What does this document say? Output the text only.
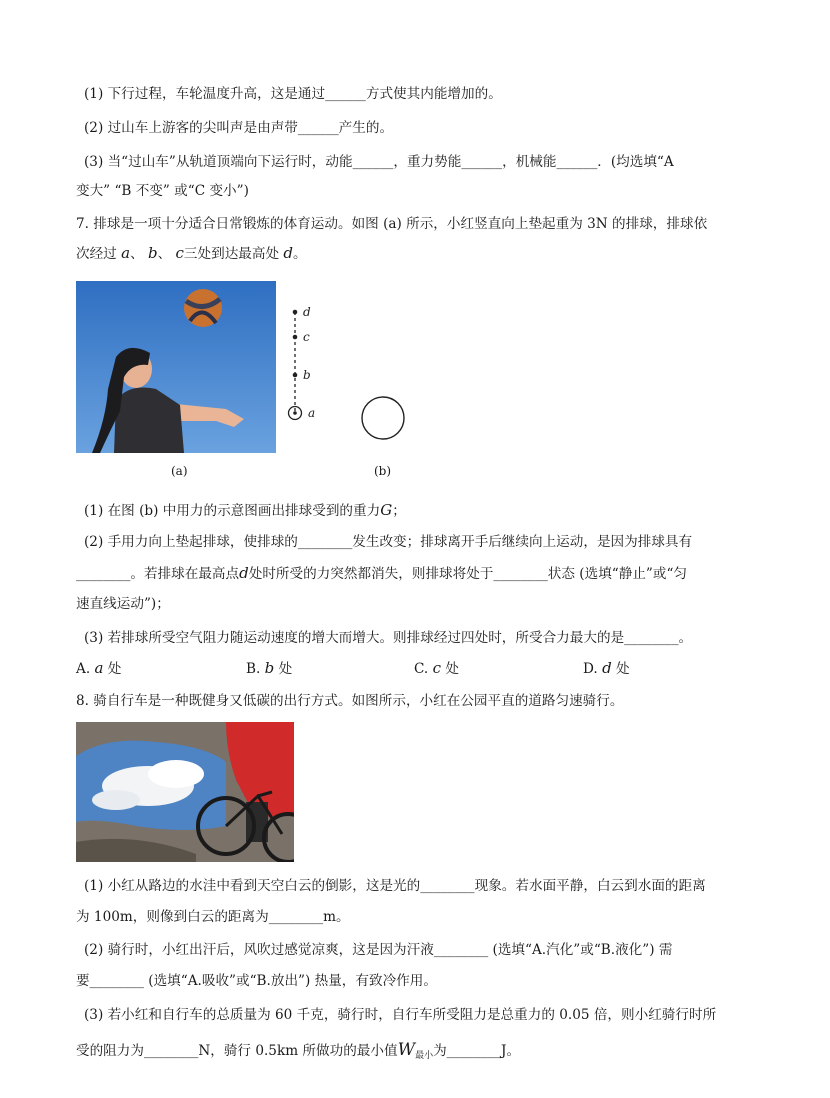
(1) 下行过程，车轮温度升高，这是通过______方式使其内能增加的。
(2) 过山车上游客的尖叫声是由声带______产生的。
(3) 当“过山车”从轨道顶端向下运行时，动能______，重力势能______，机械能______．(均选填“A
变大” “B 不变” 或“C 变小”)
7. 排球是一项十分适合日常锻炼的体育运动。如图 (a) 所示，小红竖直向上垫起重为 3N 的排球，排球依
次经过 a、 b、 c三处到达最高处 d。
d
c
b
a
(a)	(b)
(1) 在图 (b) 中用力的示意图画出排球受到的重力G；
(2) 手用力向上垫起排球，使排球的________发生改变；排球离开手后继续向上运动，是因为排球具有
________。若排球在最高点d处时所受的力突然都消失，则排球将处于________状态 (选填“静止”或“匀
速直线运动”)；
(3) 若排球所受空气阻力随运动速度的增大而增大。则排球经过四处时，所受合力最大的是________。
A. a 处	B. b 处	C. c 处	D. d 处
8. 骑自行车是一种既健身又低碳的出行方式。如图所示，小红在公园平直的道路匀速骑行。
(1) 小红从路边的水洼中看到天空白云的倒影，这是光的________现象。若水面平静，白云到水面的距离
为 100m，则像到白云的距离为________m。
(2) 骑行时，小红出汗后，风吹过感觉凉爽，这是因为汗液________ (选填“A.汽化”或“B.液化”) 需
要________ (选填“A.吸收”或“B.放出”) 热量，有致冷作用。
(3) 若小红和自行车的总质量为 60 千克，骑行时，自行车所受阻力是总重力的 0.05 倍，则小红骑行时所
受的阻力为________N，骑行 0.5km 所做功的最小值$W_{最小}$为________J。
